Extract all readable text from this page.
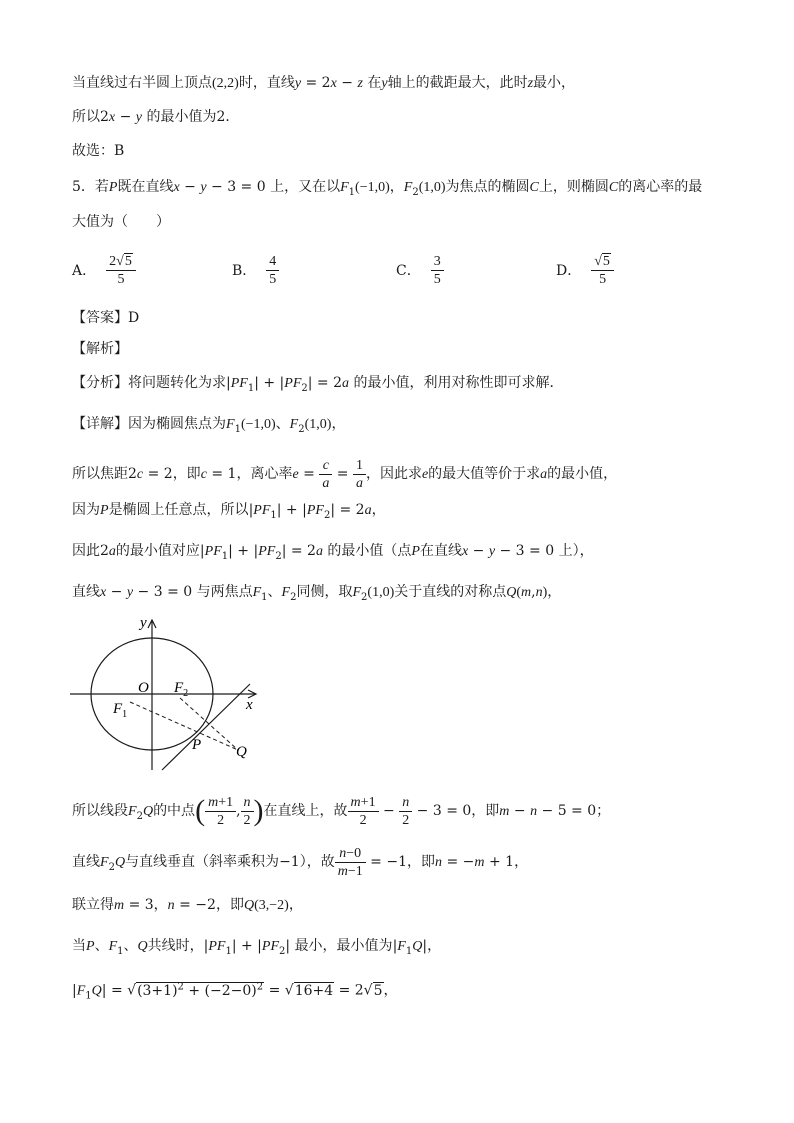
当直线过右半圆上顶点(2,2)时，直线y = 2x − z 在y轴上的截距最大，此时z最小，
所以2x − y 的最小值为2．
故选：B
5．若P既在直线x − y − 3 = 0 上，又在以$F_1(-1,0)$，$F_2(1,0)$为焦点的椭圆C上，则椭圆C的离心率的最
大值为（　　）
A． $\frac{2√5}{5}$	B． $\frac{4}{5}$	C． $\frac{3}{5}$	D． $\frac{√5}{5}$
【答案】D
【解析】
【分析】将问题转化为求$|PF_1| + |PF_2| = 2a$ 的最小值，利用对称性即可求解．
【详解】因为椭圆焦点为$F_1(-1,0)$、$F_2(1,0)$，
所以焦距2c = 2，即c = 1，离心率$e = \frac{c}{a} = \frac{1}{a}$ ，因此求e的最大值等价于求a的最小值，
因为P是椭圆上任意点，所以$|PF_1| + |PF_2| = 2a$，
因此2a的最小值对应$|PF_1| + |PF_2| = 2a$ 的最小值（点P在直线x − y − 3 = 0 上），
直线x − y − 3 = 0 与两焦点$F_1$、$F_2$同侧，取$F_2(1,0)$关于直线的对称点Q(m,n)，
y
x
O
$F_1$
$F_2$
P Q
所以线段$F_2Q$的中点( $\frac{m+1}{2}$ , $\frac{n}{2}$ )在直线上，故 $\frac{m+1}{2} - \frac{n}{2} - 3 = 0$，即m − n − 5 = 0；
直线$F_2Q$与直线垂直（斜率乘积为−1），故 $\frac{n-0}{m-1} = -1$，即n = −m + 1，
联立得m = 3，n = −2，即Q(3,−2)，
当P、$F_1$、Q共线时，$|PF_1| + |PF_2|$ 最小，最小值为$|F_1Q|$，
$|F_1Q| = √(3+1)^2 + (-2-0)^2 = √16+4 = 2√5$，
